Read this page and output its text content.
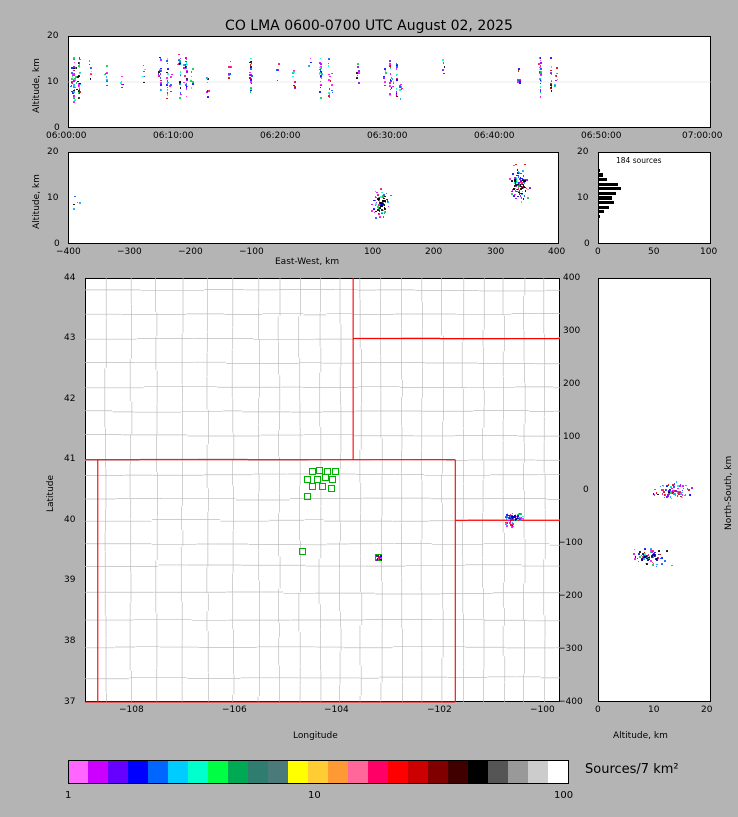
CO LMA 0600-0700 UTC August 02, 2025
20
10
0
Altitude, km
06:00:00	06:10:00	06:20:00	06:30:00	06:40:00	06:50:00	07:00:00
20
10
0
Altitude, km
−400	−300	−200	−100	100	200	300	400
East-West, km
20
10
0
0	50	100
184 sources
44
43
42
41
40
39
38
37
Latitude
−108	−106	−104	−102	−100
Longitude
400
300
200
100
0
−100
−200
−300
−400
0	10	20
Altitude, km
North-South, km
1	10	100
Sources/7 km²
